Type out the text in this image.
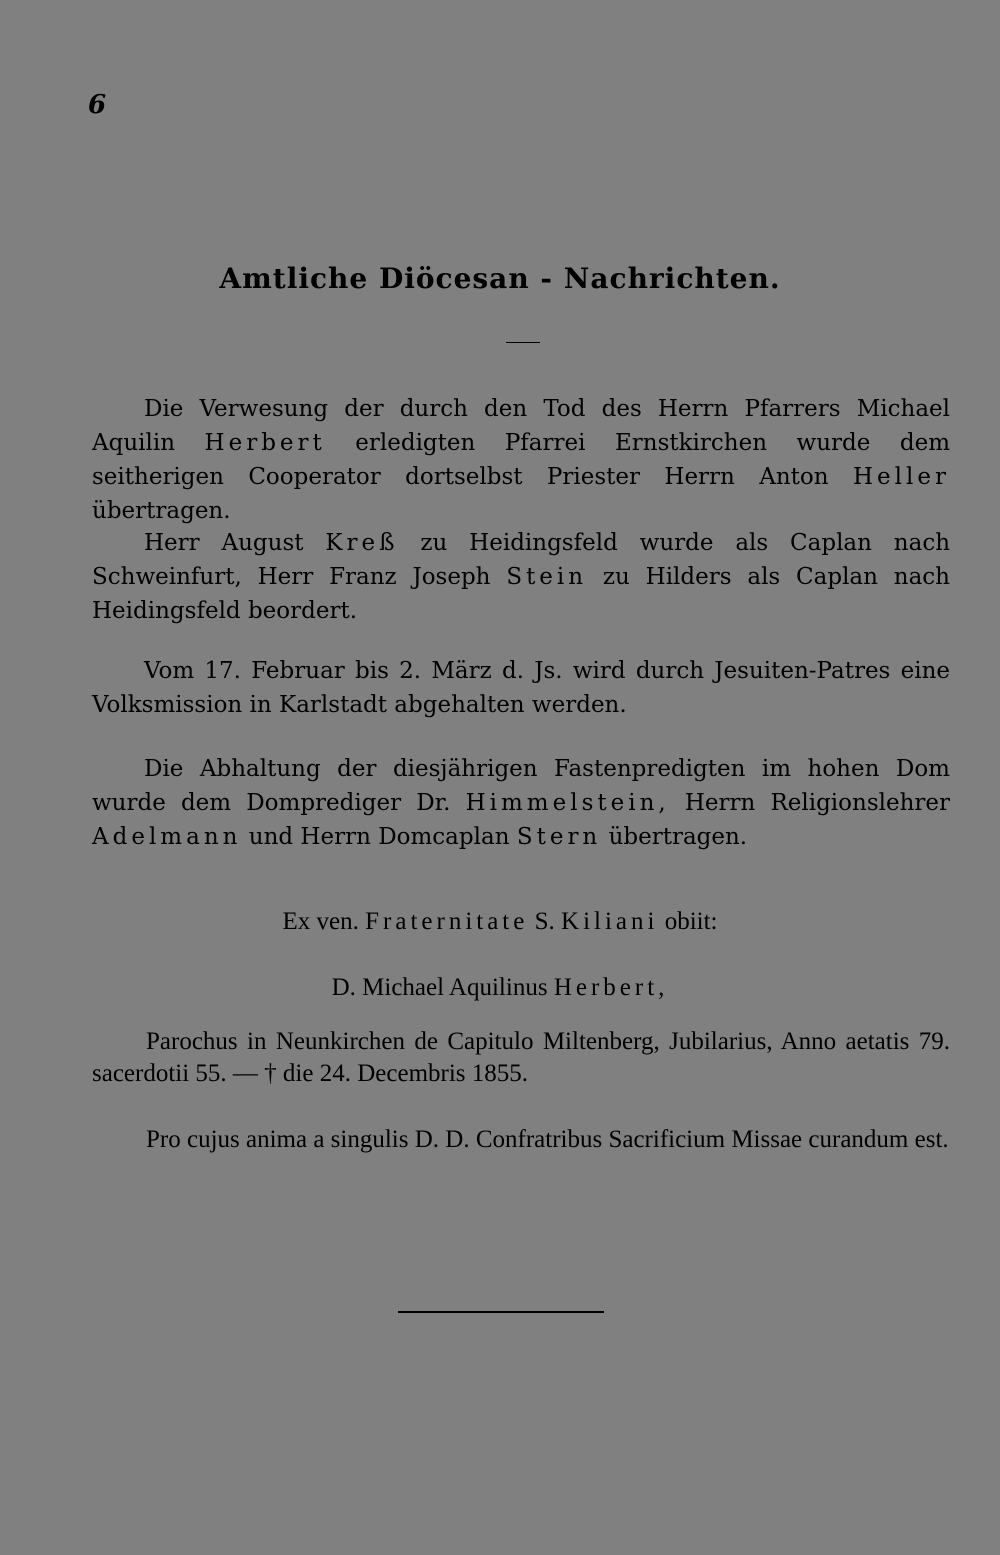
6
Amtliche Diöcesan - Nachrichten.

Die Verwesung der durch den Tod des Herrn Pfarrers Michael Aquilin Herbert erledigten Pfarrei Ernstkirchen wurde dem seitherigen Cooperator dortselbst Priester Herrn Anton Heller übertragen.

Herr August Kreß zu Heidingsfeld wurde als Caplan nach Schweinfurt, Herr Franz Joseph Stein zu Hilders als Caplan nach Heidingsfeld beordert.

Vom 17. Februar bis 2. März d. Js. wird durch Jesuiten-Patres eine Volksmission in Karlstadt abgehalten werden.

Die Abhaltung der diesjährigen Fastenpredigten im hohen Dom wurde dem Domprediger Dr. Himmelstein, Herrn Religionslehrer Adelmann und Herrn Domcaplan Stern übertragen.

Ex ven. Fraternitate S. Kiliani obiit:

D. Michael Aquilinus Herbert,

Parochus in Neunkirchen de Capitulo Miltenberg, Jubilarius, Anno aetatis 79. sacerdotii 55. — † die 24. Decembris 1855.

Pro cujus anima a singulis D. D. Confratribus Sacrificium Missae curandum est.
